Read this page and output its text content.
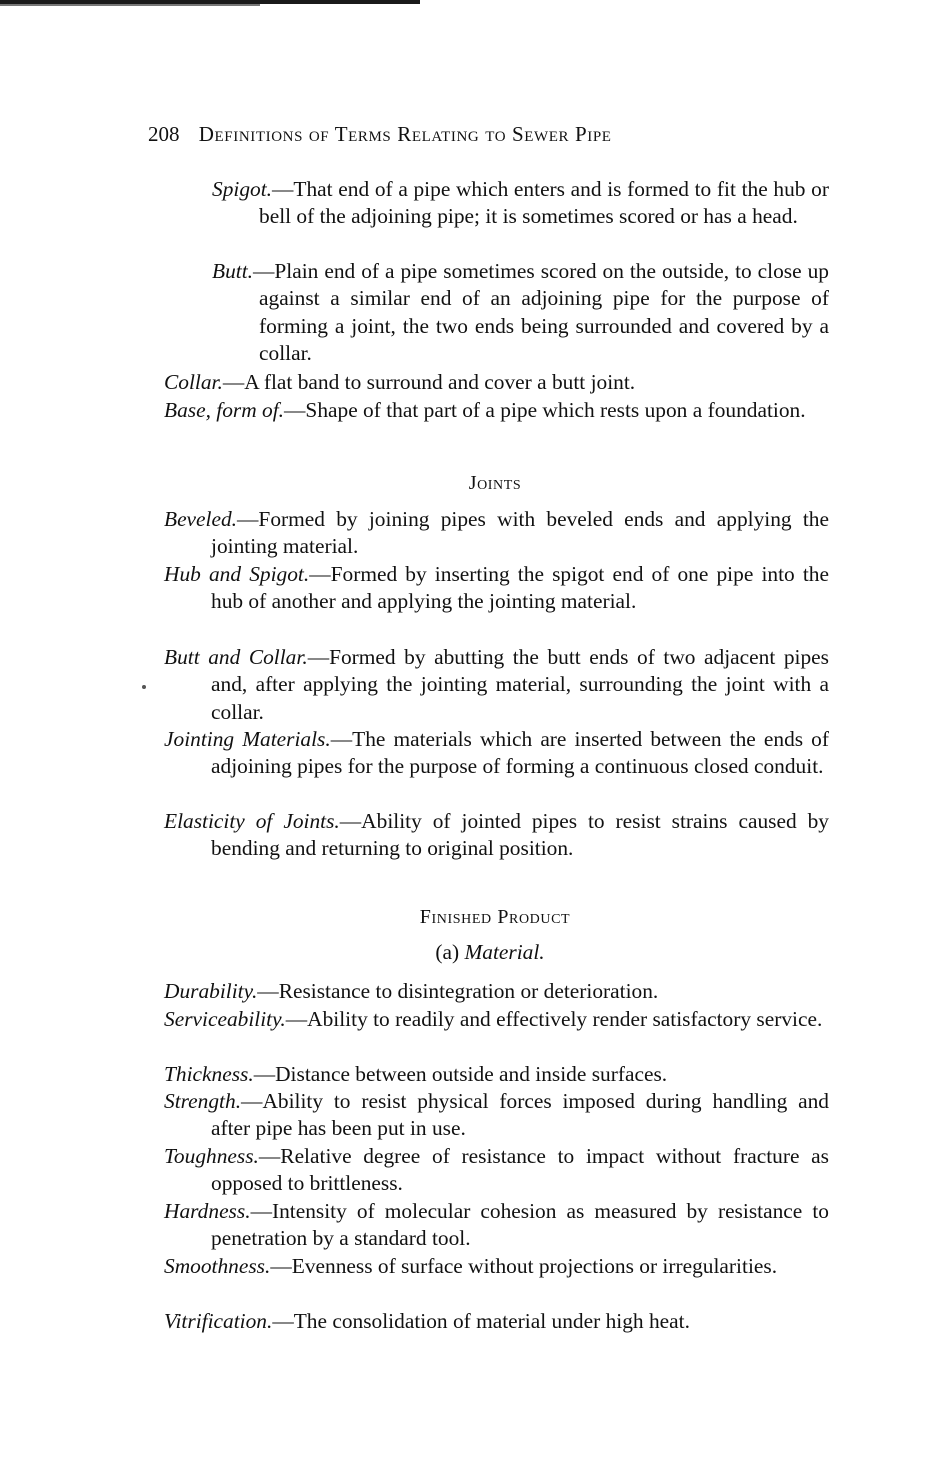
208 Definitions of Terms Relating to Sewer Pipe

Spigot.—That end of a pipe which enters and is formed to fit the hub or bell of the adjoining pipe; it is sometimes scored or has a head.

Butt.—Plain end of a pipe sometimes scored on the outside, to close up against a similar end of an adjoining pipe for the purpose of forming a joint, the two ends being surrounded and covered by a collar.

Collar.—A flat band to surround and cover a butt joint.

Base, form of.—Shape of that part of a pipe which rests upon a foundation.

Joints

Beveled.—Formed by joining pipes with beveled ends and applying the jointing material.

Hub and Spigot.—Formed by inserting the spigot end of one pipe into the hub of another and applying the jointing material.

Butt and Collar.—Formed by abutting the butt ends of two adjacent pipes and, after applying the jointing material, surrounding the joint with a collar.

Jointing Materials.—The materials which are inserted between the ends of adjoining pipes for the purpose of forming a continuous closed conduit.

Elasticity of Joints.—Ability of jointed pipes to resist strains caused by bending and returning to original position.

Finished Product
(a) Material.

Durability.—Resistance to disintegration or deterioration.

Serviceability.—Ability to readily and effectively render satisfactory service.

Thickness.—Distance between outside and inside surfaces.

Strength.—Ability to resist physical forces imposed during handling and after pipe has been put in use.

Toughness.—Relative degree of resistance to impact without fracture as opposed to brittleness.

Hardness.—Intensity of molecular cohesion as measured by resistance to penetration by a standard tool.

Smoothness.—Evenness of surface without projections or irregularities.

Vitrification.—The consolidation of material under high heat.
